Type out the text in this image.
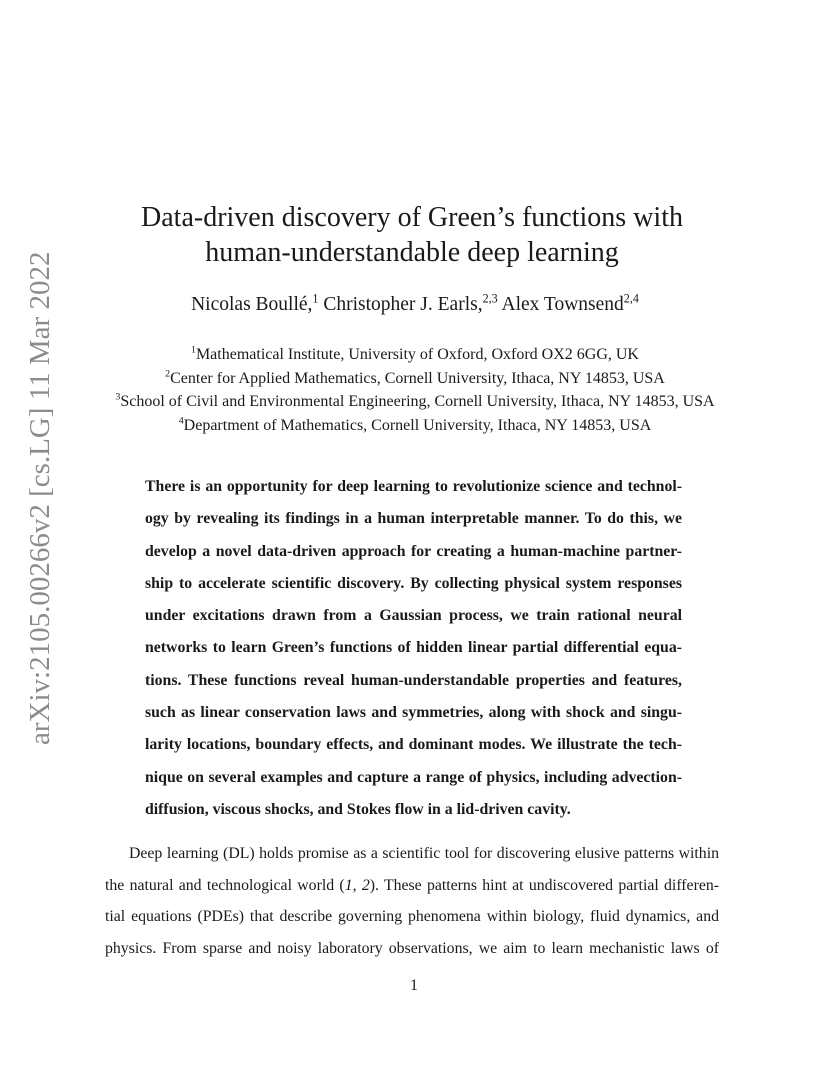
arXiv:2105.00266v2 [cs.LG] 11 Mar 2022
Data-driven discovery of Green’s functions with
human-understandable deep learning
Nicolas Boullé,$^1$ Christopher J. Earls,$^{2,3}$ Alex Townsend$^{2,4}$
$^1$Mathematical Institute, University of Oxford, Oxford OX2 6GG, UK
$^2$Center for Applied Mathematics, Cornell University, Ithaca, NY 14853, USA
$^3$School of Civil and Environmental Engineering, Cornell University, Ithaca, NY 14853, USA
$^4$Department of Mathematics, Cornell University, Ithaca, NY 14853, USA
There is an opportunity for deep learning to revolutionize science and technol-
ogy by revealing its findings in a human interpretable manner. To do this, we
develop a novel data-driven approach for creating a human-machine partner-
ship to accelerate scientific discovery. By collecting physical system responses
under excitations drawn from a Gaussian process, we train rational neural
networks to learn Green’s functions of hidden linear partial differential equa-
tions. These functions reveal human-understandable properties and features,
such as linear conservation laws and symmetries, along with shock and singu-
larity locations, boundary effects, and dominant modes. We illustrate the tech-
nique on several examples and capture a range of physics, including advection-
diffusion, viscous shocks, and Stokes flow in a lid-driven cavity.
Deep learning (DL) holds promise as a scientific tool for discovering elusive patterns within
the natural and technological world (1, 2). These patterns hint at undiscovered partial differen-
tial equations (PDEs) that describe governing phenomena within biology, fluid dynamics, and
physics. From sparse and noisy laboratory observations, we aim to learn mechanistic laws of
1
